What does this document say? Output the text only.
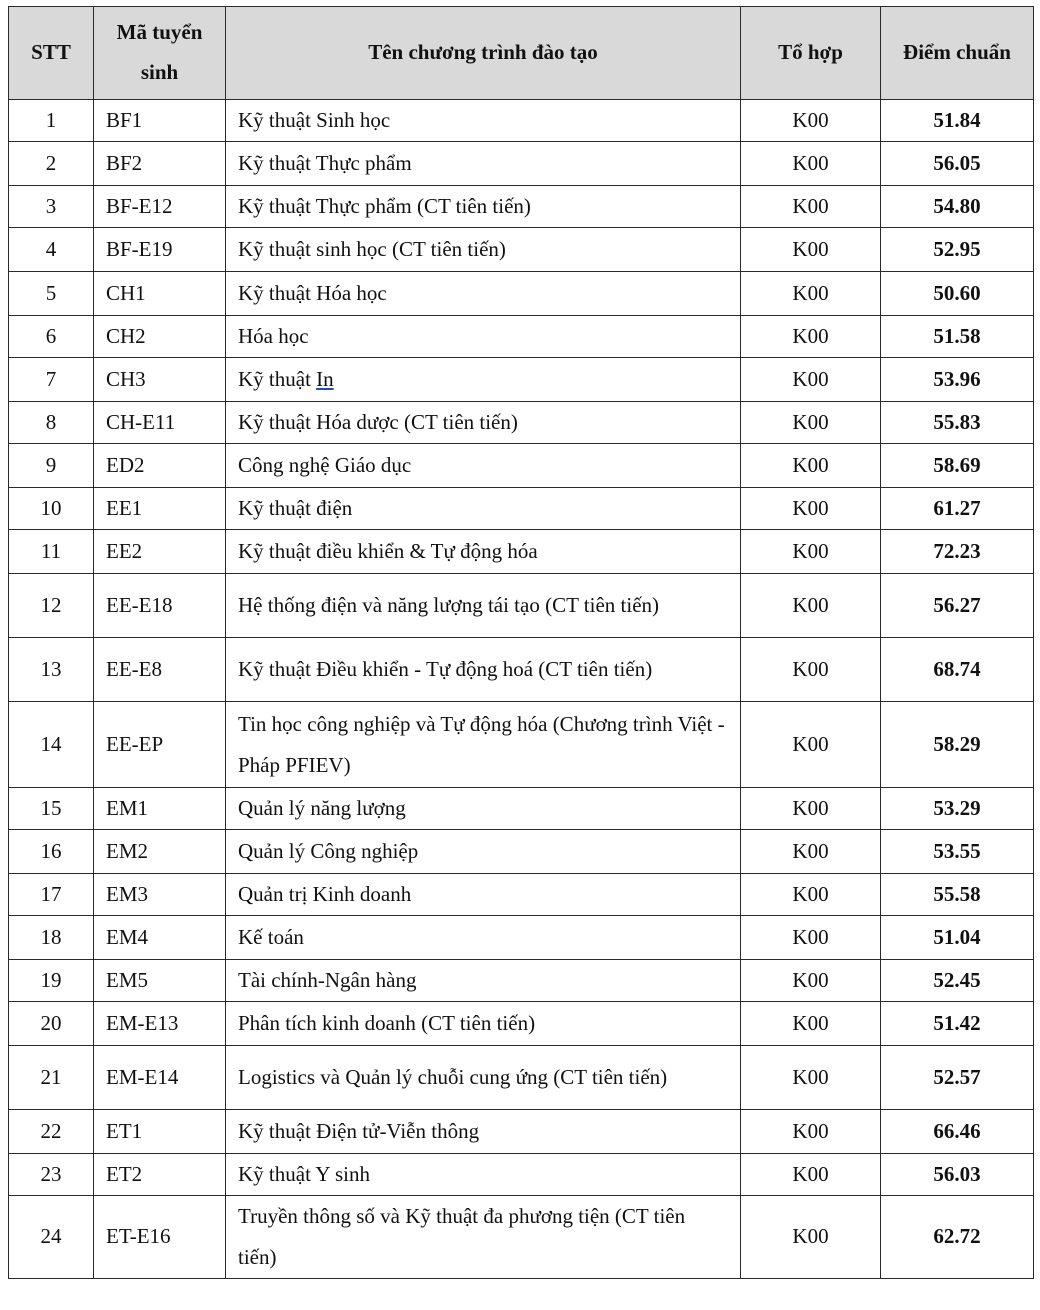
STT	Mã tuyển sinh	Tên chương trình đào tạo	Tổ hợp	Điểm chuẩn
1	BF1	Kỹ thuật Sinh học	K00	51.84
2	BF2	Kỹ thuật Thực phẩm	K00	56.05
3	BF-E12	Kỹ thuật Thực phẩm (CT tiên tiến)	K00	54.80
4	BF-E19	Kỹ thuật sinh học (CT tiên tiến)	K00	52.95
5	CH1	Kỹ thuật Hóa học	K00	50.60
6	CH2	Hóa học	K00	51.58
7	CH3	Kỹ thuật In	K00	53.96
8	CH-E11	Kỹ thuật Hóa dược (CT tiên tiến)	K00	55.83
9	ED2	Công nghệ Giáo dục	K00	58.69
10	EE1	Kỹ thuật điện	K00	61.27
11	EE2	Kỹ thuật điều khiển & Tự động hóa	K00	72.23
12	EE-E18	Hệ thống điện và năng lượng tái tạo (CT tiên tiến)	K00	56.27
13	EE-E8	Kỹ thuật Điều khiển - Tự động hoá (CT tiên tiến)	K00	68.74
14	EE-EP	Tin học công nghiệp và Tự động hóa (Chương trình Việt - Pháp PFIEV)	K00	58.29
15	EM1	Quản lý năng lượng	K00	53.29
16	EM2	Quản lý Công nghiệp	K00	53.55
17	EM3	Quản trị Kinh doanh	K00	55.58
18	EM4	Kế toán	K00	51.04
19	EM5	Tài chính-Ngân hàng	K00	52.45
20	EM-E13	Phân tích kinh doanh (CT tiên tiến)	K00	51.42
21	EM-E14	Logistics và Quản lý chuỗi cung ứng (CT tiên tiến)	K00	52.57
22	ET1	Kỹ thuật Điện tử-Viễn thông	K00	66.46
23	ET2	Kỹ thuật Y sinh	K00	56.03
24	ET-E16	Truyền thông số và Kỹ thuật đa phương tiện (CT tiên tiến)	K00	62.72
